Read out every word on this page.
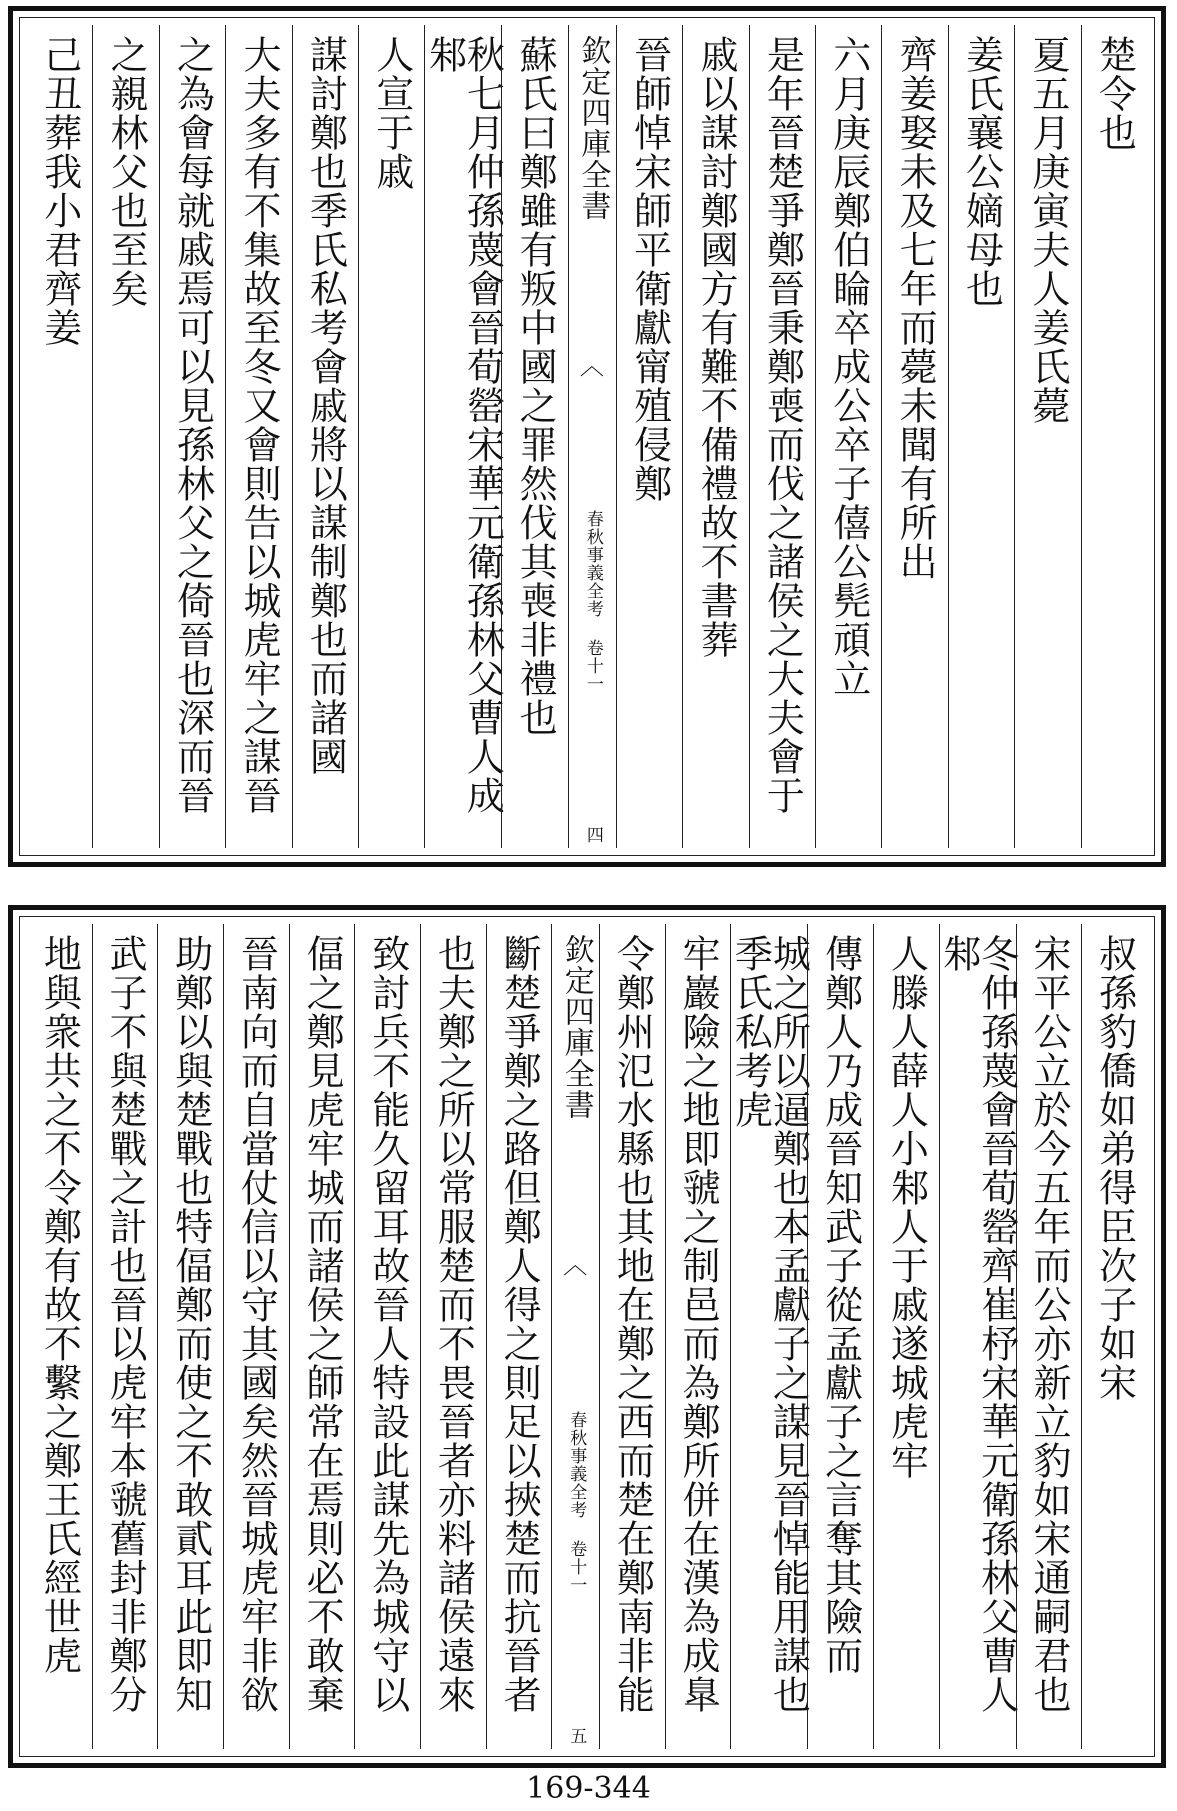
楚令也
夏五月庚寅夫人姜氏薨
姜氏襄公嫡母也
齊姜娶未及七年而薨未聞有所出
六月庚辰鄭伯睔卒成公卒子僖公髡頑立
是年晉楚爭鄭晉秉鄭喪而伐之諸侯之大夫會于
戚以謀討鄭國方有難不備禮故不書葬
晉師悼宋師平衛獻甯殖侵鄭
欽定四庫全書
︿
春秋事義全考 卷十一
四
蘇氏曰鄭雖有叛中國之罪然伐其喪非禮也
秋七月仲孫蔑會晉荀罃宋華元衛孫林父曹人成邾
人宣于戚
謀討鄭也季氏私考會戚將以謀制鄭也而諸國
大夫多有不集故至冬又會則告以城虎牢之謀晉
之為會每就戚焉可以見孫林父之倚晉也深而晉
之親林父也至矣
己丑葬我小君齊姜
叔孫豹僑如弟得臣次子如宋
宋平公立於今五年而公亦新立豹如宋通嗣君也
冬仲孫蔑會晉荀罃齊崔杼宋華元衛孫林父曹人邾
人滕人薛人小邾人于戚遂城虎牢
傳鄭人乃成晉知武子從孟獻子之言奪其險而
城之所以逼鄭也本孟獻子之謀見晉悼能用謀也季氏私考虎
牢巖險之地即虢之制邑而為鄭所併在漢為成臯
令鄭州氾水縣也其地在鄭之西而楚在鄭南非能
欽定四庫全書
︿
春秋事義全考 卷十一
五
斷楚爭鄭之路但鄭人得之則足以挾楚而抗晉者
也夫鄭之所以常服楚而不畏晉者亦料諸侯遠來
致討兵不能久留耳故晉人特設此謀先為城守以
偪之鄭見虎牢城而諸侯之師常在焉則必不敢棄
晉南向而自當仗信以守其國矣然晉城虎牢非欲
助鄭以與楚戰也特偪鄭而使之不敢貳耳此即知
武子不與楚戰之計也晉以虎牢本虢舊封非鄭分
地與衆共之不令鄭有故不繫之鄭王氏經世虎
169-344
